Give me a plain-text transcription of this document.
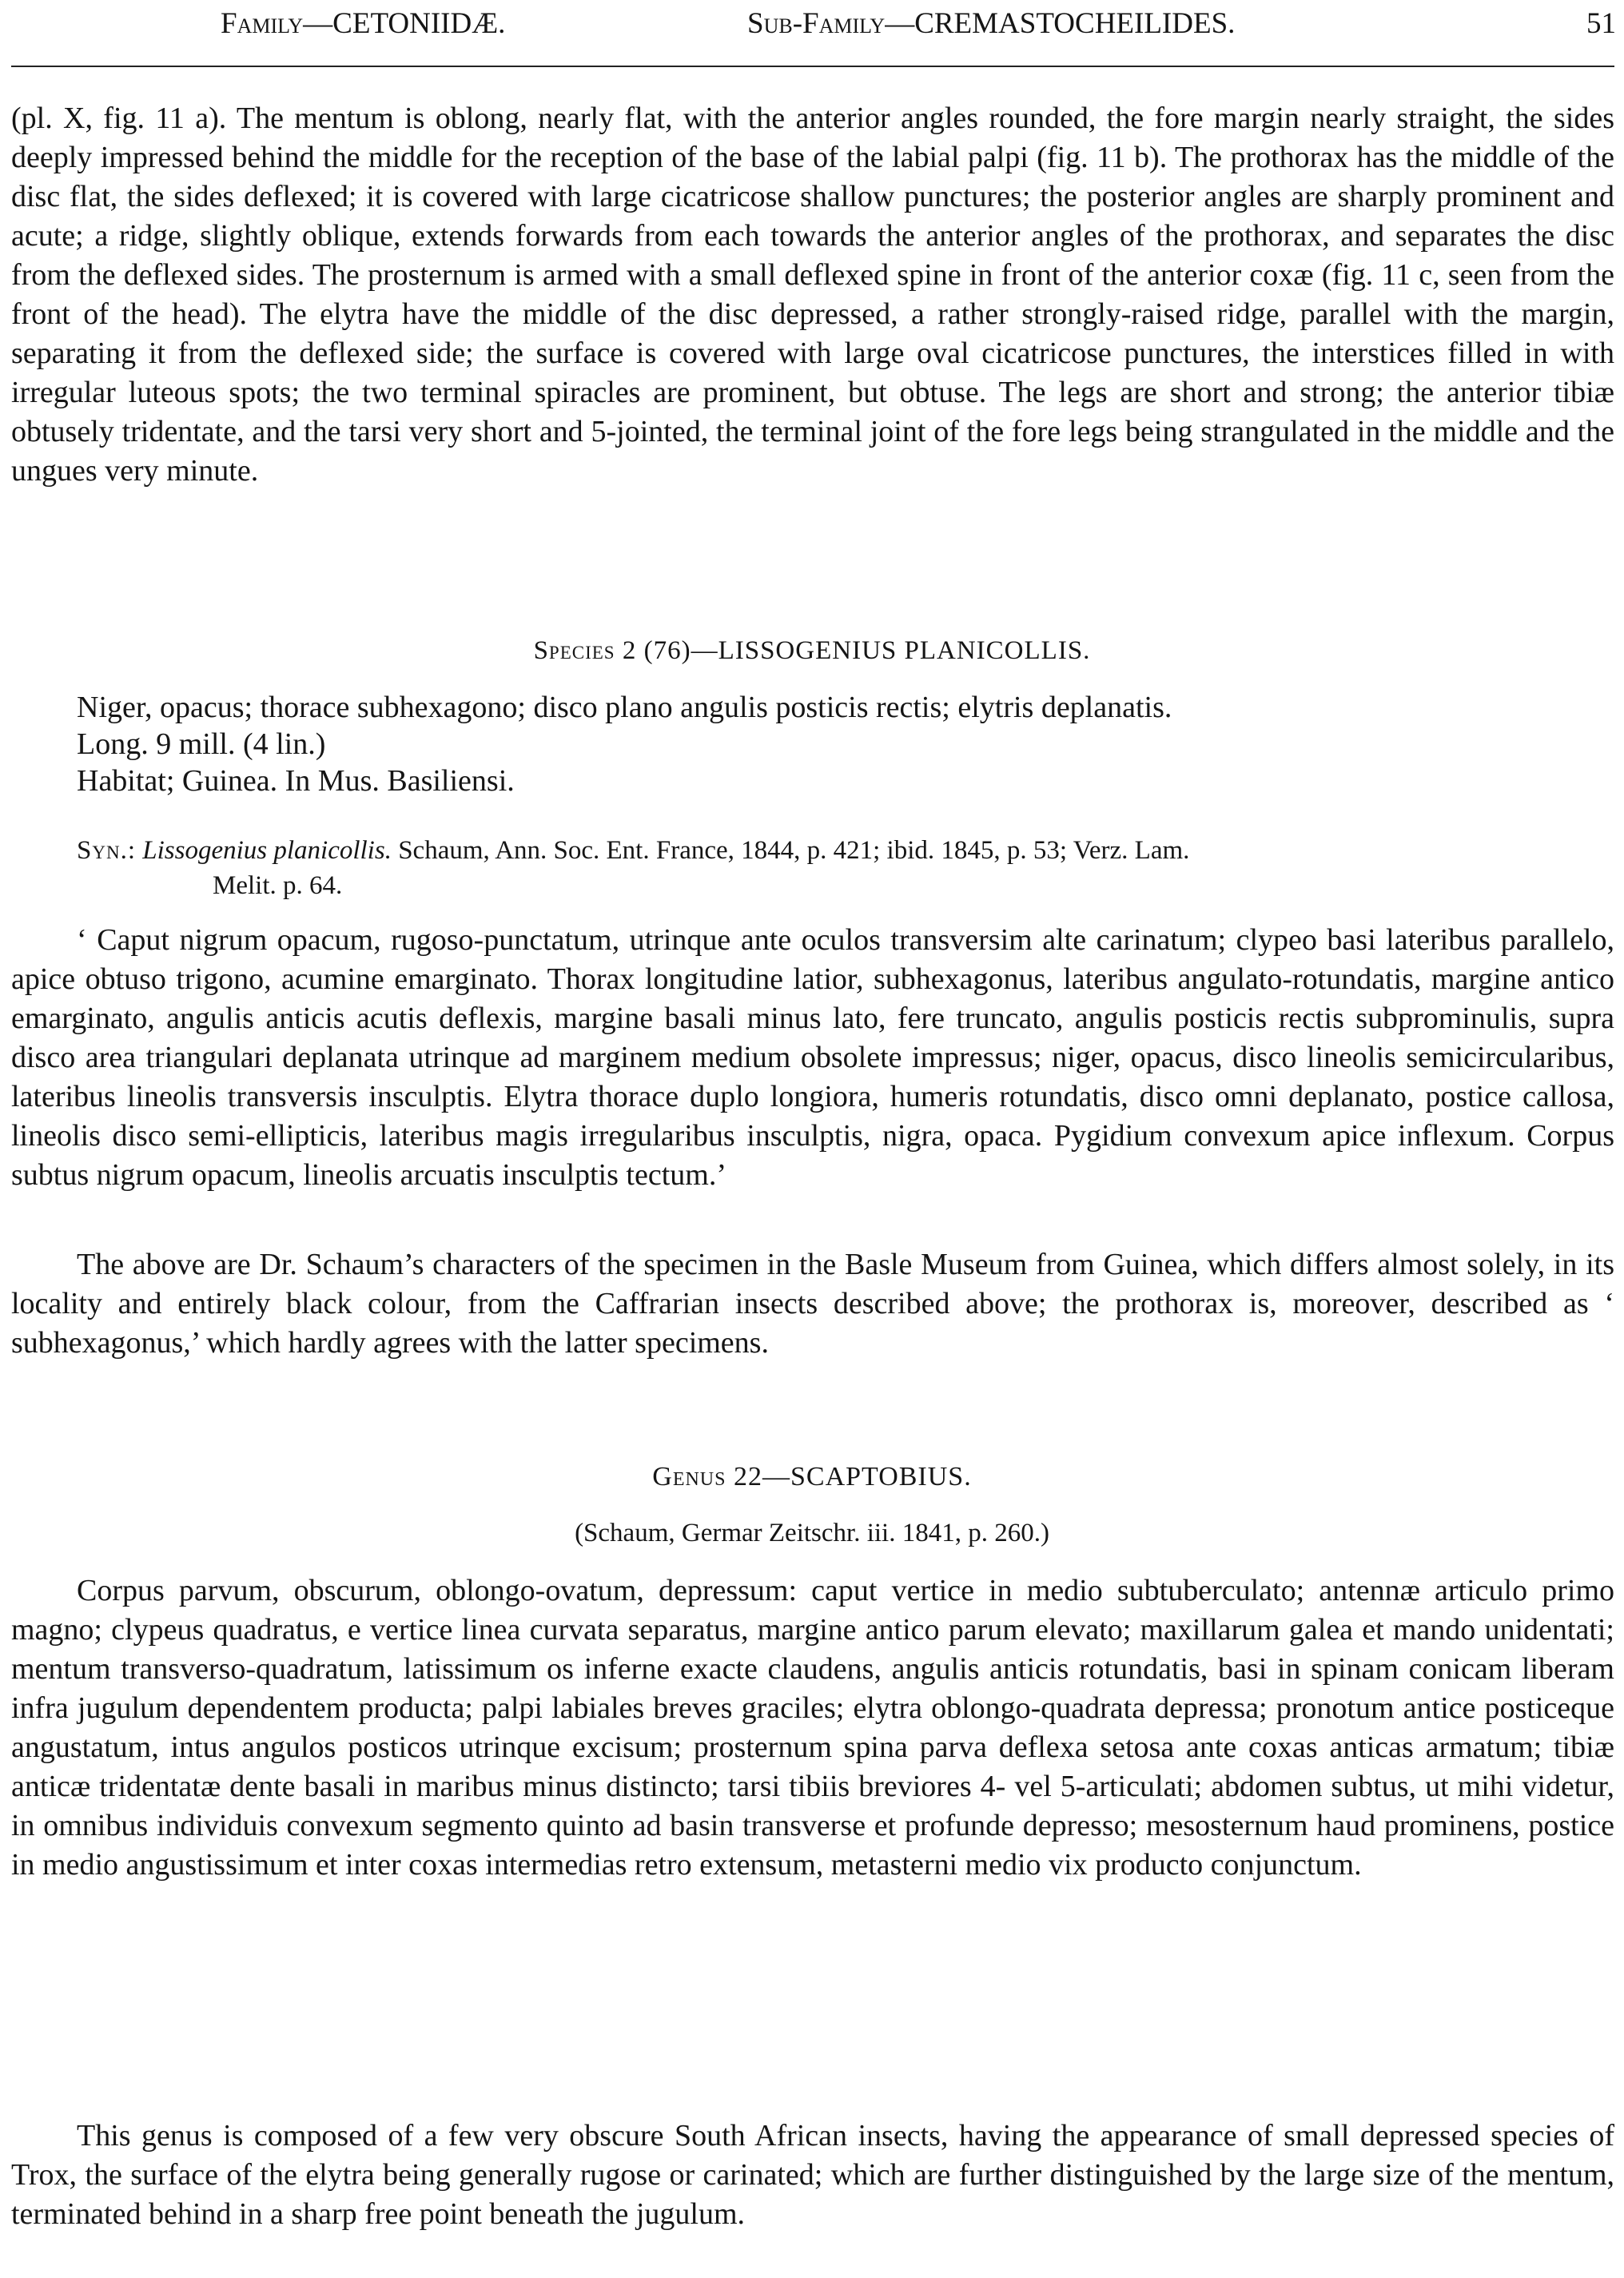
Family—CETONIIDÆ.	Sub-Family—CREMASTOCHEILIDES.	51

(pl. X, fig. 11 a). The mentum is oblong, nearly flat, with the anterior angles rounded, the fore margin nearly straight, the sides deeply impressed behind the middle for the reception of the base of the labial palpi (fig. 11 b). The prothorax has the middle of the disc flat, the sides deflexed; it is covered with large cicatricose shallow punctures; the posterior angles are sharply prominent and acute; a ridge, slightly oblique, extends forwards from each towards the anterior angles of the prothorax, and separates the disc from the deflexed sides. The prosternum is armed with a small deflexed spine in front of the anterior coxæ (fig. 11 c, seen from the front of the head). The elytra have the middle of the disc depressed, a rather strongly-raised ridge, parallel with the margin, separating it from the deflexed side; the surface is covered with large oval cicatricose punctures, the interstices filled in with irregular luteous spots; the two terminal spiracles are prominent, but obtuse. The legs are short and strong; the anterior tibiæ obtusely tridentate, and the tarsi very short and 5-jointed, the terminal joint of the fore legs being strangulated in the middle and the ungues very minute.

Species 2 (76)—LISSOGENIUS PLANICOLLIS.

Niger, opacus; thorace subhexagono; disco plano angulis posticis rectis; elytris deplanatis.

Long. 9 mill. (4 lin.)

Habitat; Guinea. In Mus. Basiliensi.

Syn.: Lissogenius planicollis. Schaum, Ann. Soc. Ent. France, 1844, p. 421; ibid. 1845, p. 53; Verz. Lam.

Melit. p. 64.

‘ Caput nigrum opacum, rugoso-punctatum, utrinque ante oculos transversim alte carinatum; clypeo basi lateribus parallelo, apice obtuso trigono, acumine emarginato. Thorax longitudine latior, subhexagonus, lateribus angulato-rotundatis, margine antico emarginato, angulis anticis acutis deflexis, margine basali minus lato, fere truncato, angulis posticis rectis subprominulis, supra disco area triangulari deplanata utrinque ad marginem medium obsolete impressus; niger, opacus, disco lineolis semicircularibus, lateribus lineolis transversis insculptis. Elytra thorace duplo longiora, humeris rotundatis, disco omni deplanato, postice callosa, lineolis disco semi-ellipticis, lateribus magis irregularibus insculptis, nigra, opaca. Pygidium convexum apice inflexum. Corpus subtus nigrum opacum, lineolis arcuatis insculptis tectum.’

The above are Dr. Schaum’s characters of the specimen in the Basle Museum from Guinea, which differs almost solely, in its locality and entirely black colour, from the Caffrarian insects described above; the prothorax is, moreover, described as ‘ subhexagonus,’ which hardly agrees with the latter specimens.

Genus 22—SCAPTOBIUS.
(Schaum, Germar Zeitschr. iii. 1841, p. 260.)

Corpus parvum, obscurum, oblongo-ovatum, depressum: caput vertice in medio subtuberculato; antennæ articulo primo magno; clypeus quadratus, e vertice linea curvata separatus, margine antico parum elevato; maxillarum galea et mando unidentati; mentum transverso-quadratum, latissimum os inferne exacte claudens, angulis anticis rotundatis, basi in spinam conicam liberam infra jugulum dependentem producta; palpi labiales breves graciles; elytra oblongo-quadrata depressa; pronotum antice posticeque angustatum, intus angulos posticos utrinque excisum; prosternum spina parva deflexa setosa ante coxas anticas armatum; tibiæ anticæ tridentatæ dente basali in maribus minus distincto; tarsi tibiis breviores 4- vel 5-articulati; abdomen subtus, ut mihi videtur, in omnibus individuis convexum segmento quinto ad basin transverse et profunde depresso; mesosternum haud prominens, postice in medio angustissimum et inter coxas intermedias retro extensum, metasterni medio vix producto conjunctum.

This genus is composed of a few very obscure South African insects, having the appearance of small depressed species of Trox, the surface of the elytra being generally rugose or carinated; which are further distinguished by the large size of the mentum, terminated behind in a sharp free point beneath the jugulum.
